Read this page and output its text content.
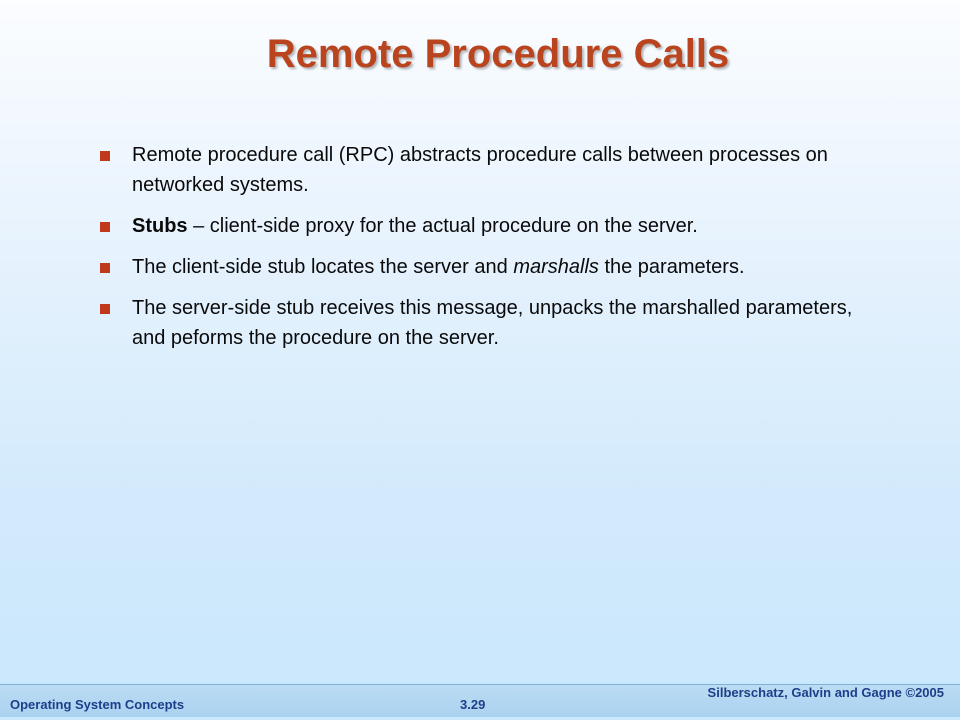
Remote Procedure Calls
Remote procedure call (RPC) abstracts procedure calls between processes on networked systems.
Stubs – client-side proxy for the actual procedure on the server.
The client-side stub locates the server and marshalls the parameters.
The server-side stub receives this message, unpacks the marshalled parameters, and peforms the procedure on the server.
Operating System Concepts	3.29
Silberschatz, Galvin and Gagne ©2005
